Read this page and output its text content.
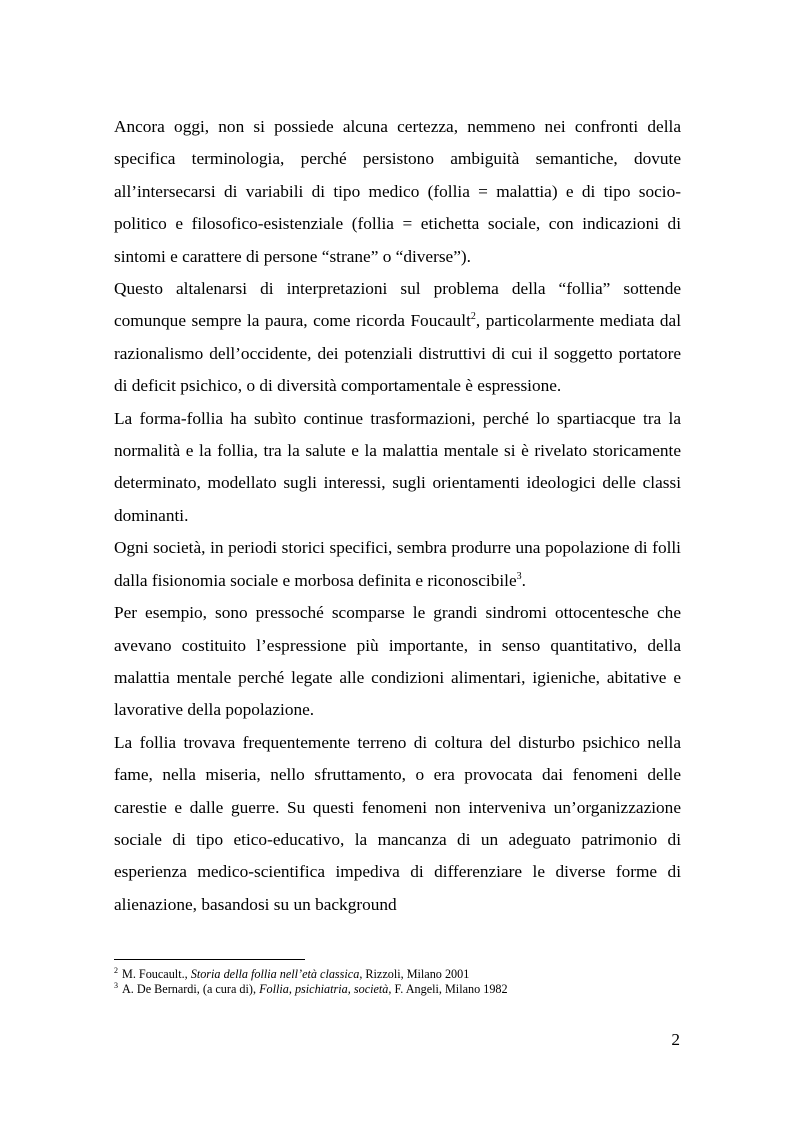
Ancora oggi, non si possiede alcuna certezza, nemmeno nei confronti della specifica terminologia, perché persistono ambiguità semantiche, dovute all’intersecarsi di variabili di tipo medico (follia = malattia) e di tipo socio-politico e filosofico-esistenziale (follia = etichetta sociale, con indicazioni di sintomi e carattere di persone “strane” o “diverse”).

Questo altalenarsi di interpretazioni sul problema della “follia” sottende comunque sempre la paura, come ricorda Foucault$^2$, particolarmente mediata dal razionalismo dell’occidente, dei potenziali distruttivi di cui il soggetto portatore di deficit psichico, o di diversità comportamentale è espressione.

La forma-follia ha subìto continue trasformazioni, perché lo spartiacque tra la normalità e la follia, tra la salute e la malattia mentale si è rivelato storicamente determinato, modellato sugli interessi, sugli orientamenti ideologici delle classi dominanti.

Ogni società, in periodi storici specifici, sembra produrre una popolazione di folli dalla fisionomia sociale e morbosa definita e riconoscibile$^3$.

Per esempio, sono pressoché scomparse le grandi sindromi ottocentesche che avevano costituito l’espressione più importante, in senso quantitativo, della malattia mentale perché legate alle condizioni alimentari, igieniche, abitative e lavorative della popolazione.

La follia trovava frequentemente terreno di coltura del disturbo psichico nella fame, nella miseria, nello sfruttamento, o era provocata dai fenomeni delle carestie e dalle guerre. Su questi fenomeni non interveniva un’organizzazione sociale di tipo etico-educativo, la mancanza di un adeguato patrimonio di esperienza medico-scientifica impediva di differenziare le diverse forme di alienazione, basandosi su un background

$^2$ M. Foucault., Storia della follia nell’età classica, Rizzoli, Milano 2001
$^3$ A. De Bernardi, (a cura di), Follia, psichiatria, società, F. Angeli, Milano 1982
2
